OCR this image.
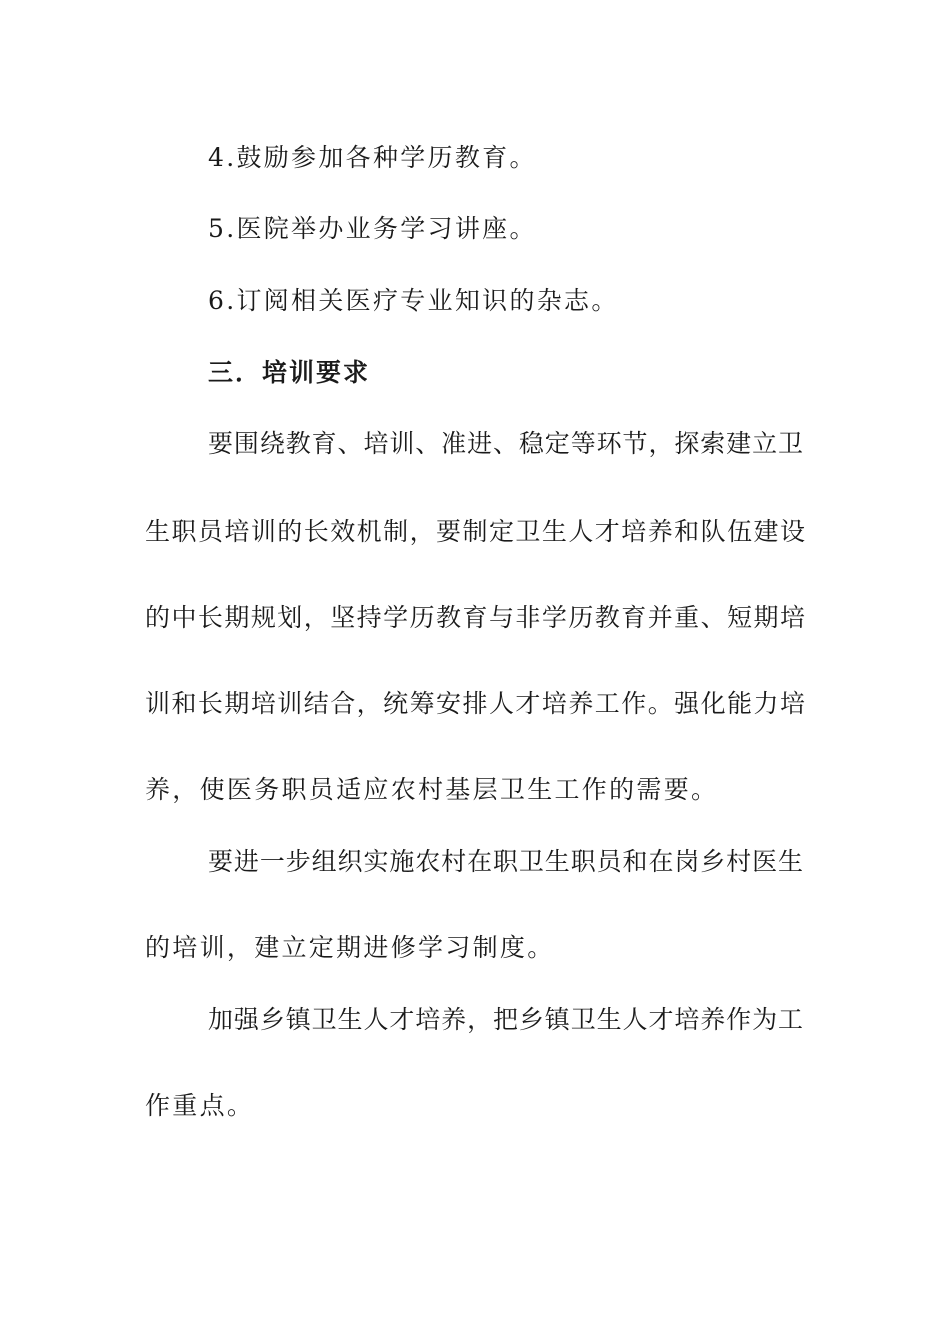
4.鼓励参加各种学历教育。
5.医院举办业务学习讲座。
6.订阅相关医疗专业知识的杂志。
三．培训要求
要围绕教育、培训、准进、稳定等环节，探索建立卫
生职员培训的长效机制，要制定卫生人才培养和队伍建设
的中长期规划，坚持学历教育与非学历教育并重、短期培
训和长期培训结合，统筹安排人才培养工作。强化能力培
养，使医务职员适应农村基层卫生工作的需要。
要进一步组织实施农村在职卫生职员和在岗乡村医生
的培训，建立定期进修学习制度。
加强乡镇卫生人才培养，把乡镇卫生人才培养作为工
作重点。
